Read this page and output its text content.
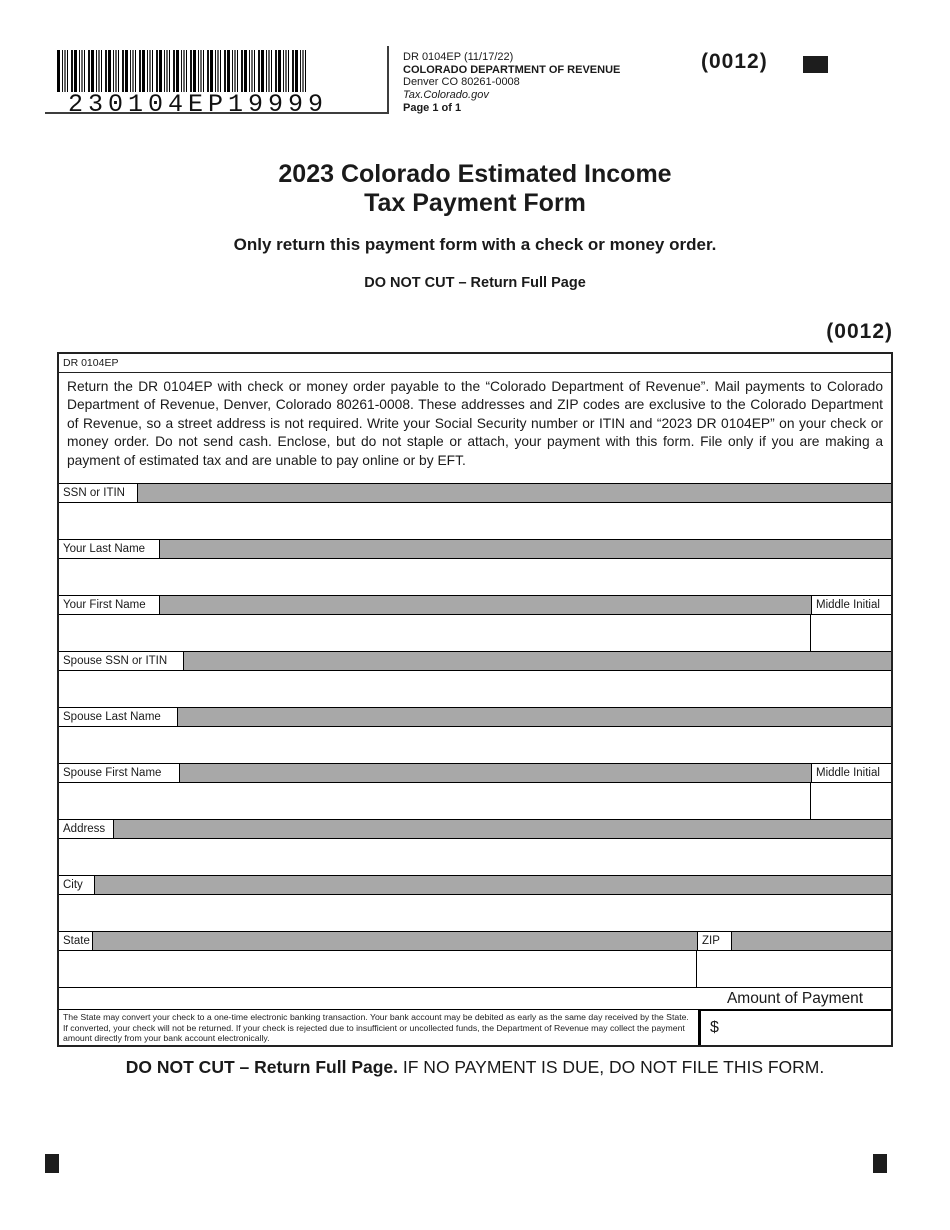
230104EP19999
DR 0104EP (11/17/22)
COLORADO DEPARTMENT OF REVENUE
Denver CO 80261-0008
Tax.Colorado.gov
Page 1 of 1
(0012)
2023 Colorado Estimated Income
Tax Payment Form
Only return this payment form with a check or money order.
DO NOT CUT – Return Full Page
(0012)
DR 0104EP
Return the DR 0104EP with check or money order payable to the “Colorado Department of Revenue”. Mail payments to Colorado Department of Revenue, Denver, Colorado 80261-0008. These addresses and ZIP codes are exclusive to the Colorado Department of Revenue, so a street address is not required. Write your Social Security number or ITIN and “2023 DR 0104EP” on your check or money order. Do not send cash. Enclose, but do not staple or attach, your payment with this form. File only if you are making a payment of estimated tax and are unable to pay online or by EFT.
SSN or ITIN
Your Last Name
Your First Name	Middle Initial
Spouse SSN or ITIN
Spouse Last Name
Spouse First Name	Middle Initial
Address
City
State	ZIP
The State may convert your check to a one-time electronic banking transaction. Your bank account may be debited as early as the same day received by the State. If converted, your check will not be returned. If your check is rejected due to insufficient or uncollected funds, the Department of Revenue may collect the payment amount directly from your bank account electronically.
Amount of Payment
$
DO NOT CUT – Return Full Page. IF NO PAYMENT IS DUE, DO NOT FILE THIS FORM.
